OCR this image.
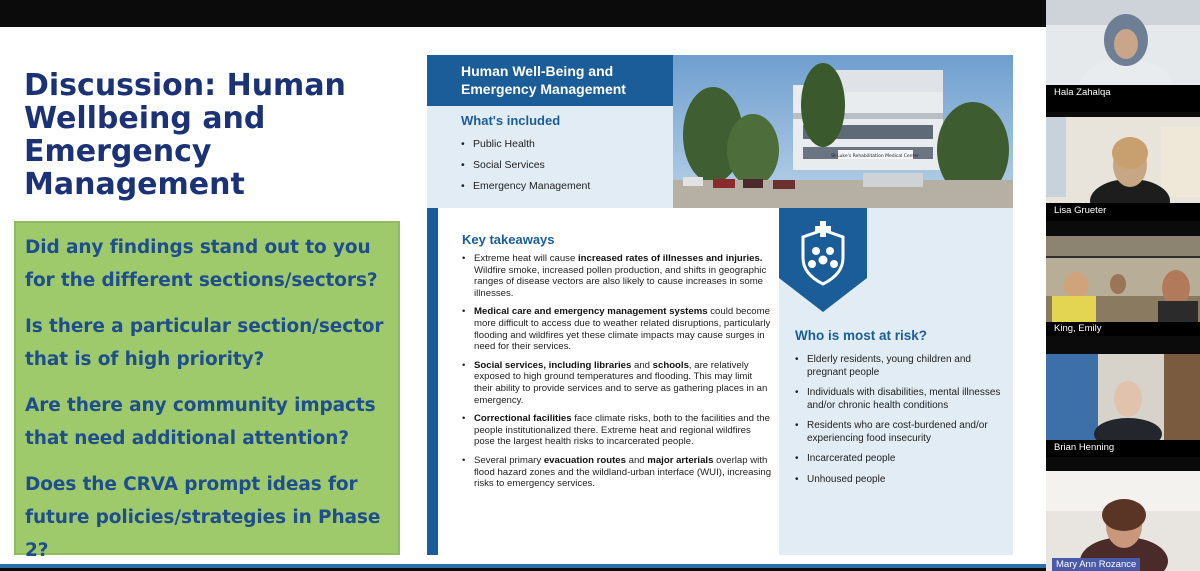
Discussion: Human Wellbeing and Emergency Management
Did any findings stand out to you for the different sections/sectors?
Is there a particular section/sector that is of high priority?
Are there any community impacts that need additional attention?
Does the CRVA prompt ideas for future policies/strategies in Phase 2?
Human Well-Being and Emergency Management
What's included
• Public Health
• Social Services
• Emergency Management
St Luke's Rehabilitation Medical Center
Key takeaways
• Extreme heat will cause increased rates of illnesses and injuries. Wildfire smoke, increased pollen production, and shifts in geographic ranges of disease vectors are also likely to cause increases in some illnesses.
• Medical care and emergency management systems could become more difficult to access due to weather related disruptions, particularly flooding and wildfires yet these climate impacts may cause surges in need for their services.
• Social services, including libraries and schools, are relatively exposed to high ground temperatures and flooding. This may limit their ability to provide services and to serve as gathering places in an emergency.
• Correctional facilities face climate risks, both to the facilities and the people institutionalized there. Extreme heat and regional wildfires pose the largest health risks to incarcerated people.
• Several primary evacuation routes and major arterials overlap with flood hazard zones and the wildland-urban interface (WUI), increasing risks to emergency services.
Who is most at risk?
• Elderly residents, young children and pregnant people
• Individuals with disabilities, mental illnesses and/or chronic health conditions
• Residents who are cost-burdened and/or experiencing food insecurity
• Incarcerated people
• Unhoused people
Hala Zahalqa
Lisa Grueter
King, Emily
Brian Henning
Mary Ann Rozance
